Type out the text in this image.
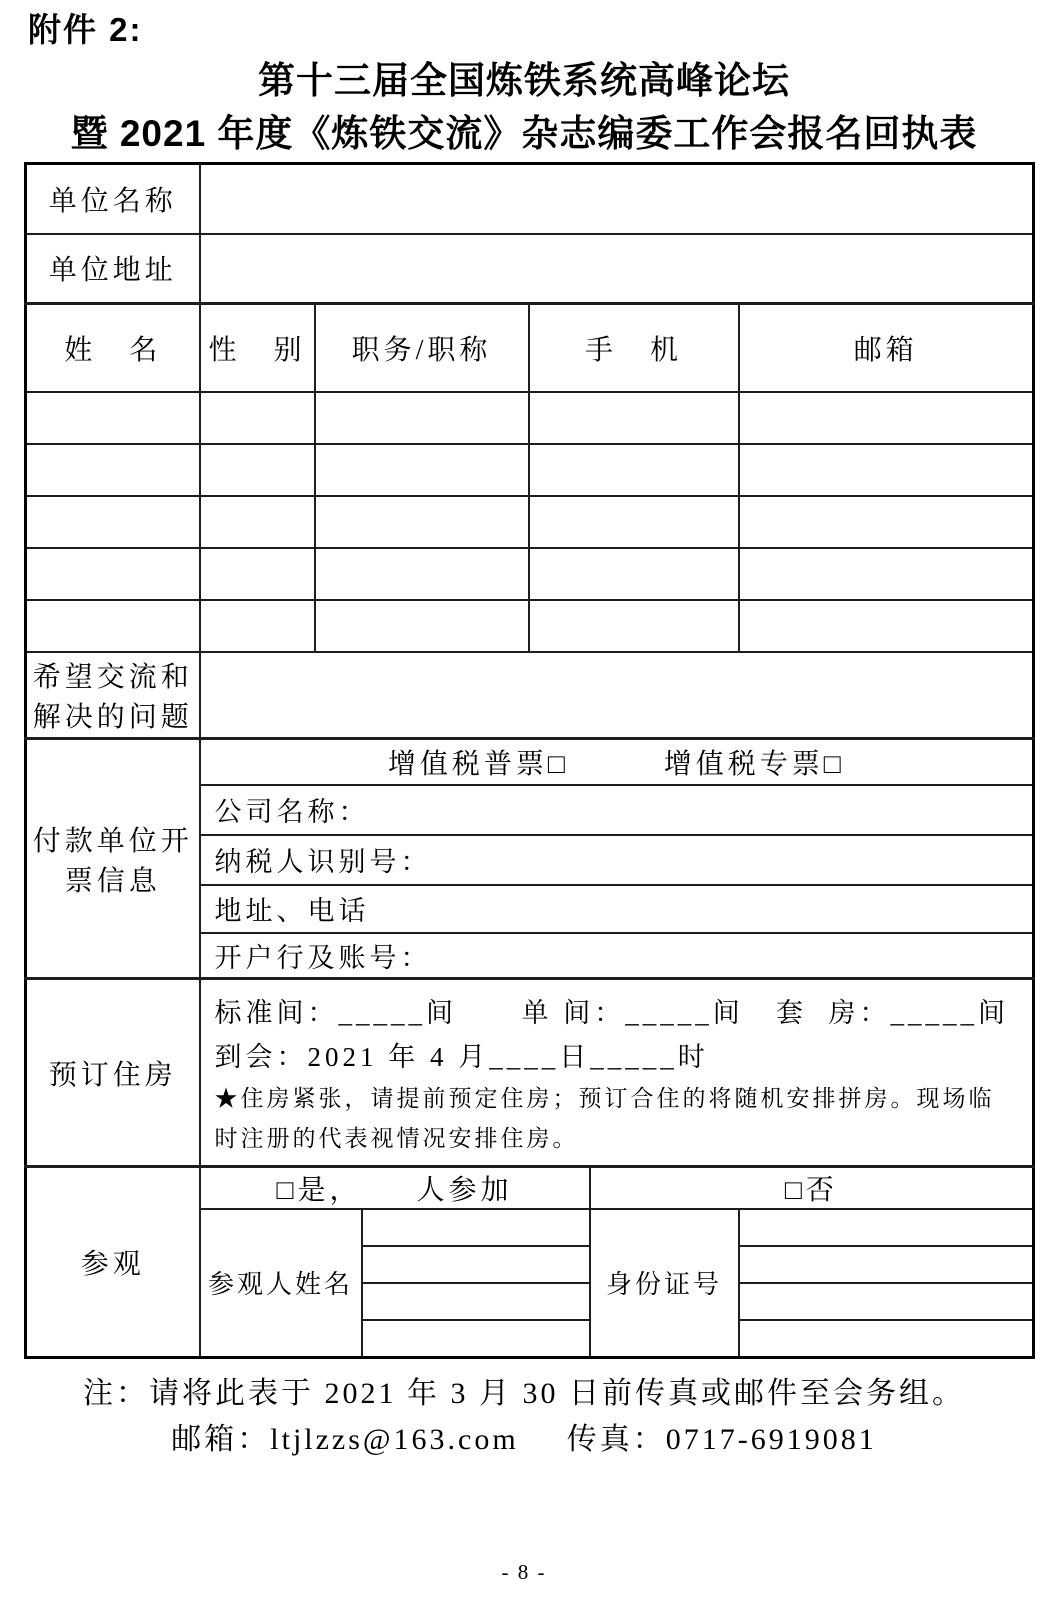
附件 2:
第十三届全国炼铁系统高峰论坛
暨 2021 年度《炼铁交流》杂志编委工作会报名回执表
单位名称						
单位地址						
姓   名	性   别	职务/职称		手   机		邮箱

希望交流和
解决的问题						

付款单位开
票信息	增值税普票□ 增值税专票□					

	公司名称：					
	纳税人识别号：					
	地址、电话					
	开户行及账号：					
预订住房	标准间：_____间      单 间：_____间   套  房：_____间
到会：2021 年 4 月____日_____时
★住房紧张，请提前预定住房；预订合住的将随机安排拼房。现场临时注册的代表视情况安排住房。					

参观	□是，     人参加				□否	
	参观人姓名				身份证号	

注：请将此表于 2021 年 3 月 30 日前传真或邮件至会务组。
邮箱：ltjlzzs@163.com 传真：0717-6919081
- 8 -
